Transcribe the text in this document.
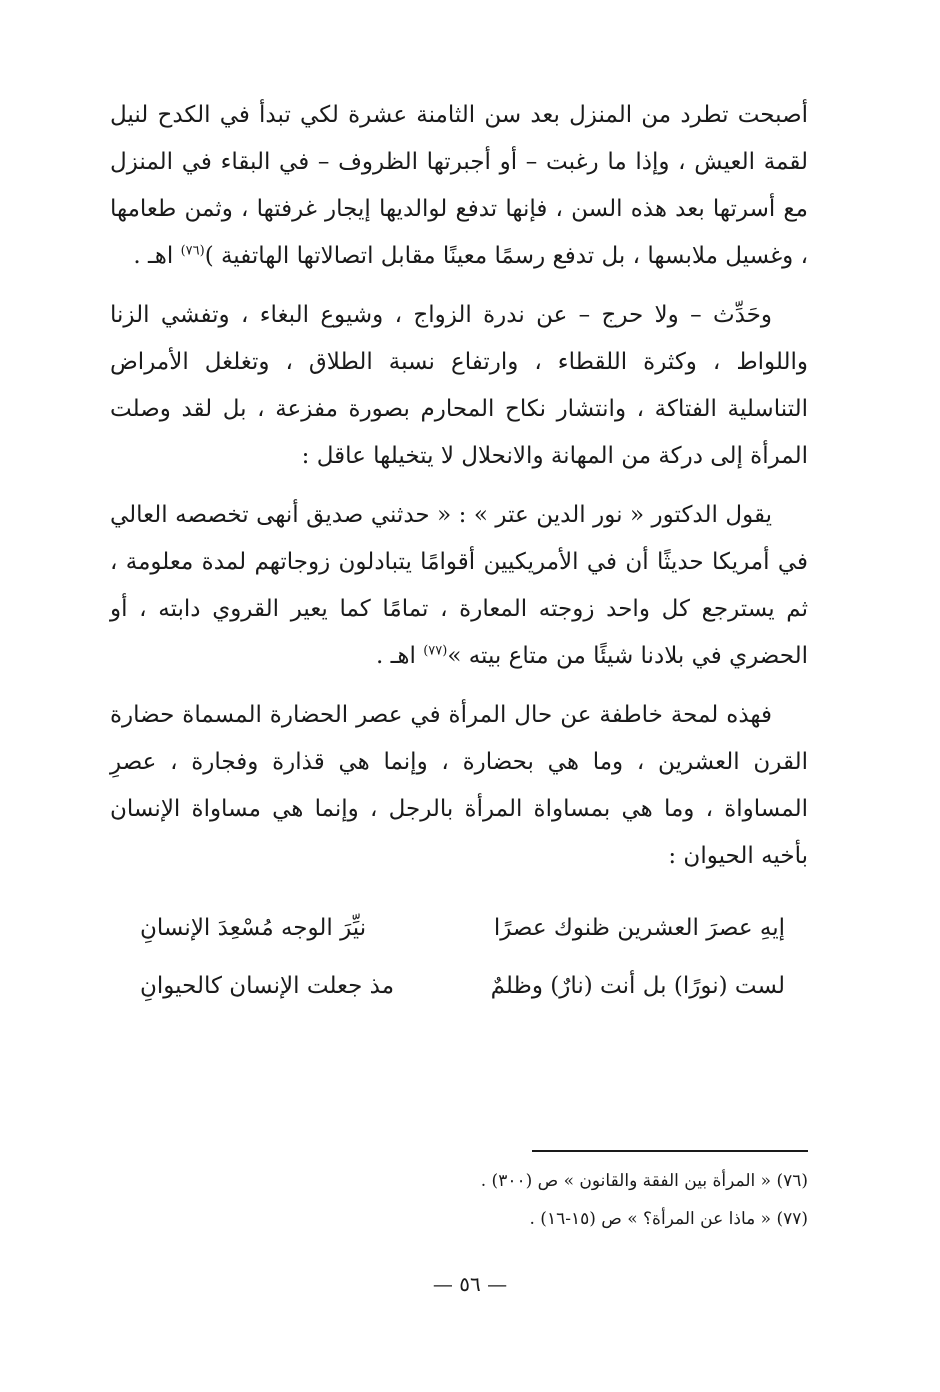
أصبحت تطرد من المنزل بعد سن الثامنة عشرة لكي تبدأ في الكدح لنيل لقمة العيش ، وإذا ما رغبت – أو أجبرتها الظروف – في البقاء في المنزل مع أسرتها بعد هذه السن ، فإنها تدفع لوالديها إيجار غرفتها ، وثمن طعامها ، وغسيل ملابسها ، بل تدفع رسمًا معينًا مقابل اتصالاتها الهاتفية )$^{(٧٦)}$ اهـ .

وحَدِّث – ولا حرج – عن ندرة الزواج ، وشيوع البغاء ، وتفشي الزنا واللواط ، وكثرة اللقطاء ، وارتفاع نسبة الطلاق ، وتغلغل الأمراض التناسلية الفتاكة ، وانتشار نكاح المحارم بصورة مفزعة ، بل لقد وصلت المرأة إلى دركة من المهانة والانحلال لا يتخيلها عاقل :

يقول الدكتور « نور الدين عتر » : « حدثني صديق أنهى تخصصه العالي في أمريكا حديثًا أن في الأمريكيين أقوامًا يتبادلون زوجاتهم لمدة معلومة ، ثم يسترجع كل واحد زوجته المعارة ، تمامًا كما يعير القروي دابته ، أو الحضري في بلادنا شيئًا من متاع بيته »$^{(٧٧)}$ اهـ .

فهذه لمحة خاطفة عن حال المرأة في عصر الحضارة المسماة حضارة القرن العشرين ، وما هي بحضارة ، وإنما هي قذارة وفجارة ، عصرِ المساواة ، وما هي بمساواة المرأة بالرجل ، وإنما هي مساواة الإنسان بأخيه الحيوان :

إيهِ عصرَ العشرين ظنوك عصرًا
نيِّرَ الوجه مُسْعِدَ الإنسانِ
لست (نورًا) بل أنت (نارٌ) وظلمٌ
مذ جعلت الإنسان كالحيوانِ
(٧٦) « المرأة بين الفقة والقانون » ص (٣٠٠) .
(٧٧) « ماذا عن المرأة؟ » ص (١٥-١٦) .
— ٥٦ —
